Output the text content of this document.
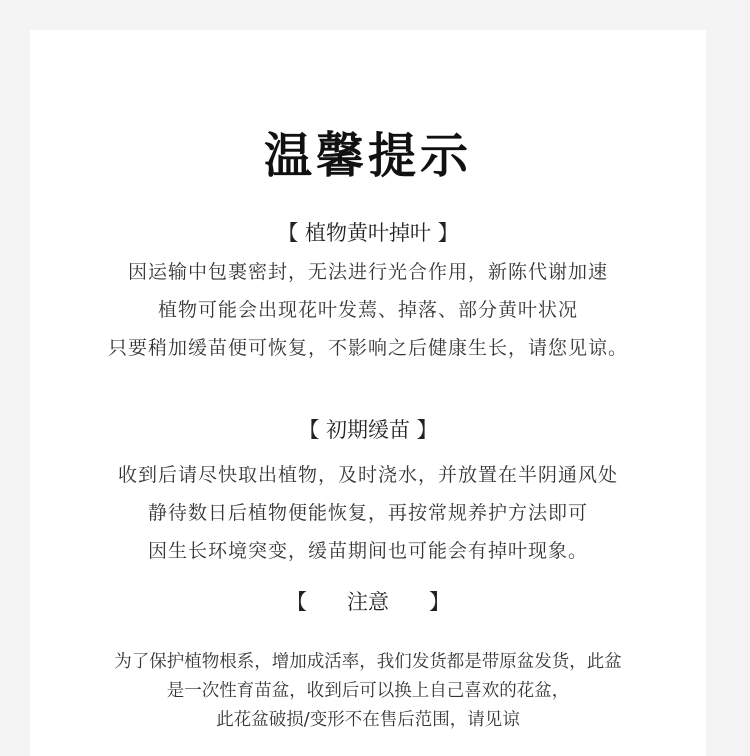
温馨提示
【 植物黄叶掉叶 】
因运输中包裹密封，无法进行光合作用，新陈代谢加速
植物可能会出现花叶发蔫、掉落、部分黄叶状况
只要稍加缓苗便可恢复，不影响之后健康生长，请您见谅。
【 初期缓苗 】
收到后请尽快取出植物，及时浇水，并放置在半阴通风处
静待数日后植物便能恢复，再按常规养护方法即可
因生长环境突变，缓苗期间也可能会有掉叶现象。
【      注意      】
为了保护植物根系，增加成活率，我们发货都是带原盆发货，此盆
是一次性育苗盆，收到后可以换上自己喜欢的花盆，
此花盆破损/变形不在售后范围，请见谅
